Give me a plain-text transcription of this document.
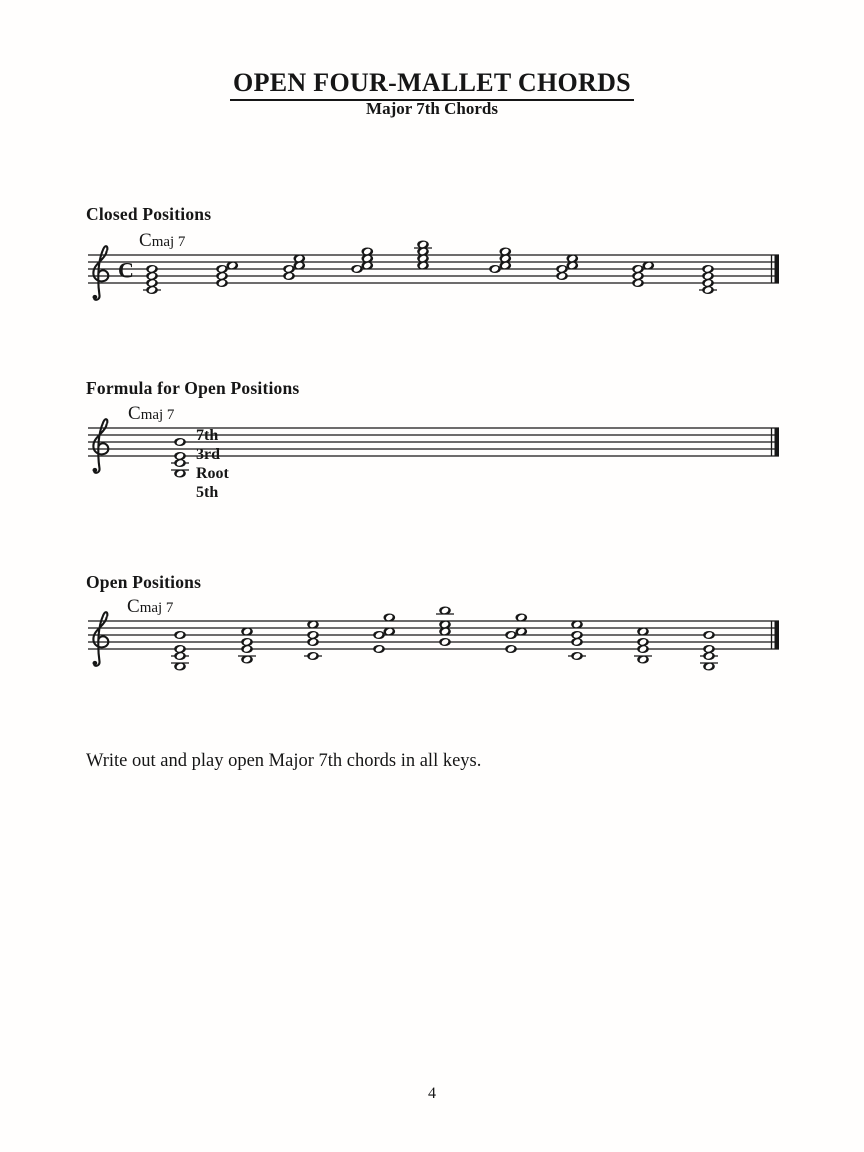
C
7th
3rd
Root
5th
OPEN FOUR-MALLET CHORDS
Major 7th Chords
Closed Positions
Formula for Open Positions
Open Positions
Cmaj 7
Cmaj 7
Cmaj 7
Write out and play open Major 7th chords in all keys.
4
